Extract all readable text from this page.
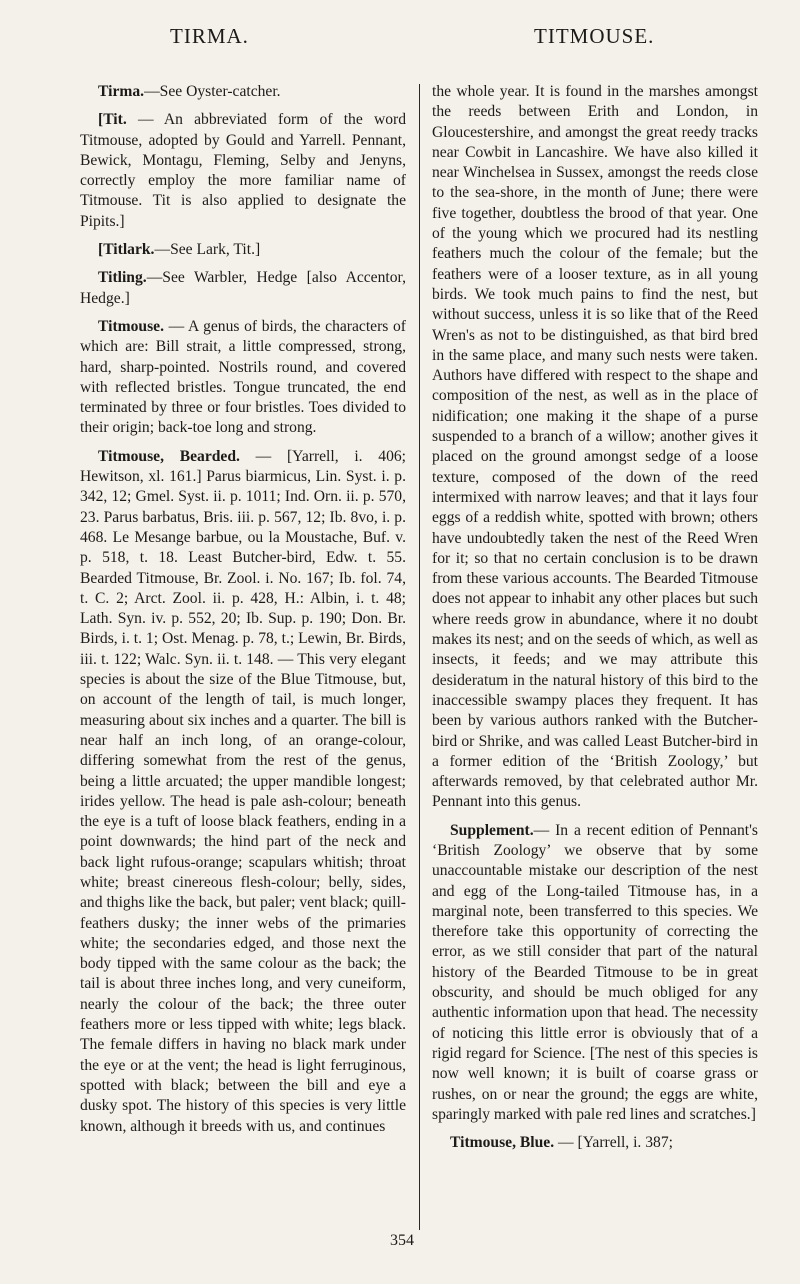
TIRMA.	TITMOUSE.

Tirma.—See Oyster-catcher.

[Tit. — An abbreviated form of the word Titmouse, adopted by Gould and Yarrell. Pennant, Bewick, Montagu, Fleming, Selby and Jenyns, correctly employ the more familiar name of Titmouse. Tit is also applied to designate the Pipits.]

[Titlark.—See Lark, Tit.]

Titling.—See Warbler, Hedge [also Accentor, Hedge.]

Titmouse. — A genus of birds, the characters of which are: Bill strait, a little compressed, strong, hard, sharp-pointed. Nostrils round, and covered with reflected bristles. Tongue truncated, the end terminated by three or four bristles. Toes divided to their origin; back-toe long and strong.

Titmouse, Bearded. — [Yarrell, i. 406; Hewitson, xl. 161.] Parus biarmicus, Lin. Syst. i. p. 342, 12; Gmel. Syst. ii. p. 1011; Ind. Orn. ii. p. 570, 23. Parus barbatus, Bris. iii. p. 567, 12; Ib. 8vo, i. p. 468. Le Mesange barbue, ou la Moustache, Buf. v. p. 518, t. 18. Least Butcher-bird, Edw. t. 55. Bearded Titmouse, Br. Zool. i. No. 167; Ib. fol. 74, t. C. 2; Arct. Zool. ii. p. 428, H.: Albin, i. t. 48; Lath. Syn. iv. p. 552, 20; Ib. Sup. p. 190; Don. Br. Birds, i. t. 1; Ost. Menag. p. 78, t.; Lewin, Br. Birds, iii. t. 122; Walc. Syn. ii. t. 148. — This very elegant species is about the size of the Blue Titmouse, but, on account of the length of tail, is much longer, measuring about six inches and a quarter. The bill is near half an inch long, of an orange-colour, differing somewhat from the rest of the genus, being a little arcuated; the upper mandible longest; irides yellow. The head is pale ash-colour; beneath the eye is a tuft of loose black feathers, ending in a point downwards; the hind part of the neck and back light rufous-orange; scapulars whitish; throat white; breast cinereous flesh-colour; belly, sides, and thighs like the back, but paler; vent black; quill-feathers dusky; the inner webs of the primaries white; the secondaries edged, and those next the body tipped with the same colour as the back; the tail is about three inches long, and very cuneiform, nearly the colour of the back; the three outer feathers more or less tipped with white; legs black. The female differs in having no black mark under the eye or at the vent; the head is light ferruginous, spotted with black; between the bill and eye a dusky spot. The history of this species is very little known, although it breeds with us, and continues

the whole year. It is found in the marshes amongst the reeds between Erith and London, in Gloucestershire, and amongst the great reedy tracks near Cowbit in Lancashire. We have also killed it near Winchelsea in Sussex, amongst the reeds close to the sea-shore, in the month of June; there were five together, doubtless the brood of that year. One of the young which we procured had its nestling feathers much the colour of the female; but the feathers were of a looser texture, as in all young birds. We took much pains to find the nest, but without success, unless it is so like that of the Reed Wren's as not to be distinguished, as that bird bred in the same place, and many such nests were taken. Authors have differed with respect to the shape and composition of the nest, as well as in the place of nidification; one making it the shape of a purse suspended to a branch of a willow; another gives it placed on the ground amongst sedge of a loose texture, composed of the down of the reed intermixed with narrow leaves; and that it lays four eggs of a reddish white, spotted with brown; others have undoubtedly taken the nest of the Reed Wren for it; so that no certain conclusion is to be drawn from these various accounts. The Bearded Titmouse does not appear to inhabit any other places but such where reeds grow in abundance, where it no doubt makes its nest; and on the seeds of which, as well as insects, it feeds; and we may attribute this desideratum in the natural history of this bird to the inaccessible swampy places they frequent. It has been by various authors ranked with the Butcher-bird or Shrike, and was called Least Butcher-bird in a former edition of the ‘British Zoology,’ but afterwards removed, by that celebrated author Mr. Pennant into this genus.

Supplement.— In a recent edition of Pennant's ‘British Zoology’ we observe that by some unaccountable mistake our description of the nest and egg of the Long-tailed Titmouse has, in a marginal note, been transferred to this species. We therefore take this opportunity of correcting the error, as we still consider that part of the natural history of the Bearded Titmouse to be in great obscurity, and should be much obliged for any authentic information upon that head. The necessity of noticing this little error is obviously that of a rigid regard for Science. [The nest of this species is now well known; it is built of coarse grass or rushes, on or near the ground; the eggs are white, sparingly marked with pale red lines and scratches.]

Titmouse, Blue. — [Yarrell, i. 387;

354
